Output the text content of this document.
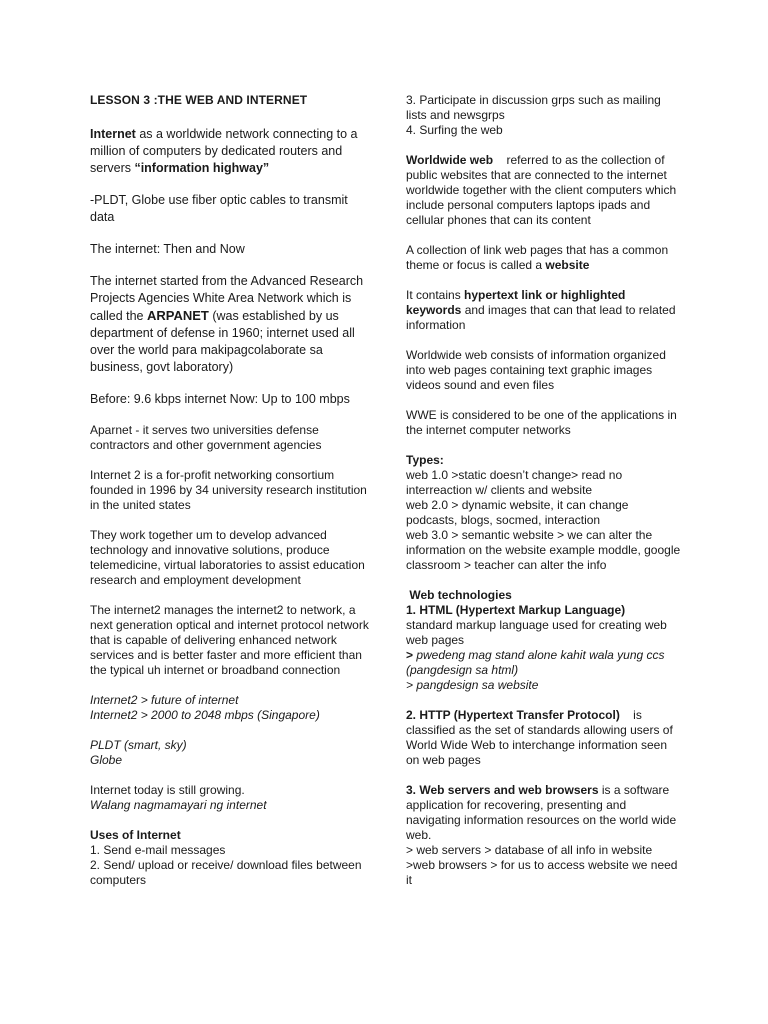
LESSON 3 :THE WEB AND INTERNET
Internet as a worldwide network connecting to a million of computers by dedicated routers and servers “information highway”
-PLDT, Globe use fiber optic cables to transmit data
The internet: Then and Now
The internet started from the Advanced Research Projects Agencies White Area Network which is called the ARPANET (was established by us department of defense in 1960; internet used all over the world para makipagcolaborate sa business, govt laboratory)
Before: 9.6 kbps internet Now: Up to 100 mbps
Aparnet - it serves two universities defense contractors and other government agencies
Internet 2 is a for-profit networking consortium founded in 1996 by 34 university research institution in the united states
They work together um to develop advanced technology and innovative solutions, produce telemedicine, virtual laboratories to assist education research and employment development
The internet2 manages the internet2 to network, a next generation optical and internet protocol network that is capable of delivering enhanced network services and is better faster and more efficient than the typical uh internet or broadband connection
Internet2 > future of internet
Internet2 > 2000 to 2048 mbps (Singapore)
PLDT (smart, sky)
Globe
Internet today is still growing.
Walang nagmamayari ng internet
Uses of Internet
1. Send e-mail messages
2. Send/ upload or receive/ download files between computers
3. Participate in discussion grps such as mailing lists and newsgrps
4. Surfing the web
Worldwide web    referred to as the collection of public websites that are connected to the internet worldwide together with the client computers which include personal computers laptops ipads and cellular phones that can its content
A collection of link web pages that has a common theme or focus is called a website
It contains hypertext link or highlighted keywords and images that can that lead to related information
Worldwide web consists of information organized into web pages containing text graphic images videos sound and even files
WWE is considered to be one of the applications in the internet computer networks
Types:
web 1.0 >static doesn’t change> read no interreaction w/ clients and website
web 2.0 > dynamic website, it can change podcasts, blogs, socmed, interaction
web 3.0 > semantic website > we can alter the information on the website example moddle, google classroom > teacher can alter the info
Web technologies
1. HTML (Hypertext Markup Language)
standard markup language used for creating web web pages
> pwedeng mag stand alone kahit wala yung ccs (pangdesign sa html)
> pangdesign sa website
2. HTTP (Hypertext Transfer Protocol)    is classified as the set of standards allowing users of World Wide Web to interchange information seen on web pages
3. Web servers and web browsers is a software application for recovering, presenting and navigating information resources on the world wide web.
> web servers > database of all info in website
>web browsers > for us to access website we need it
